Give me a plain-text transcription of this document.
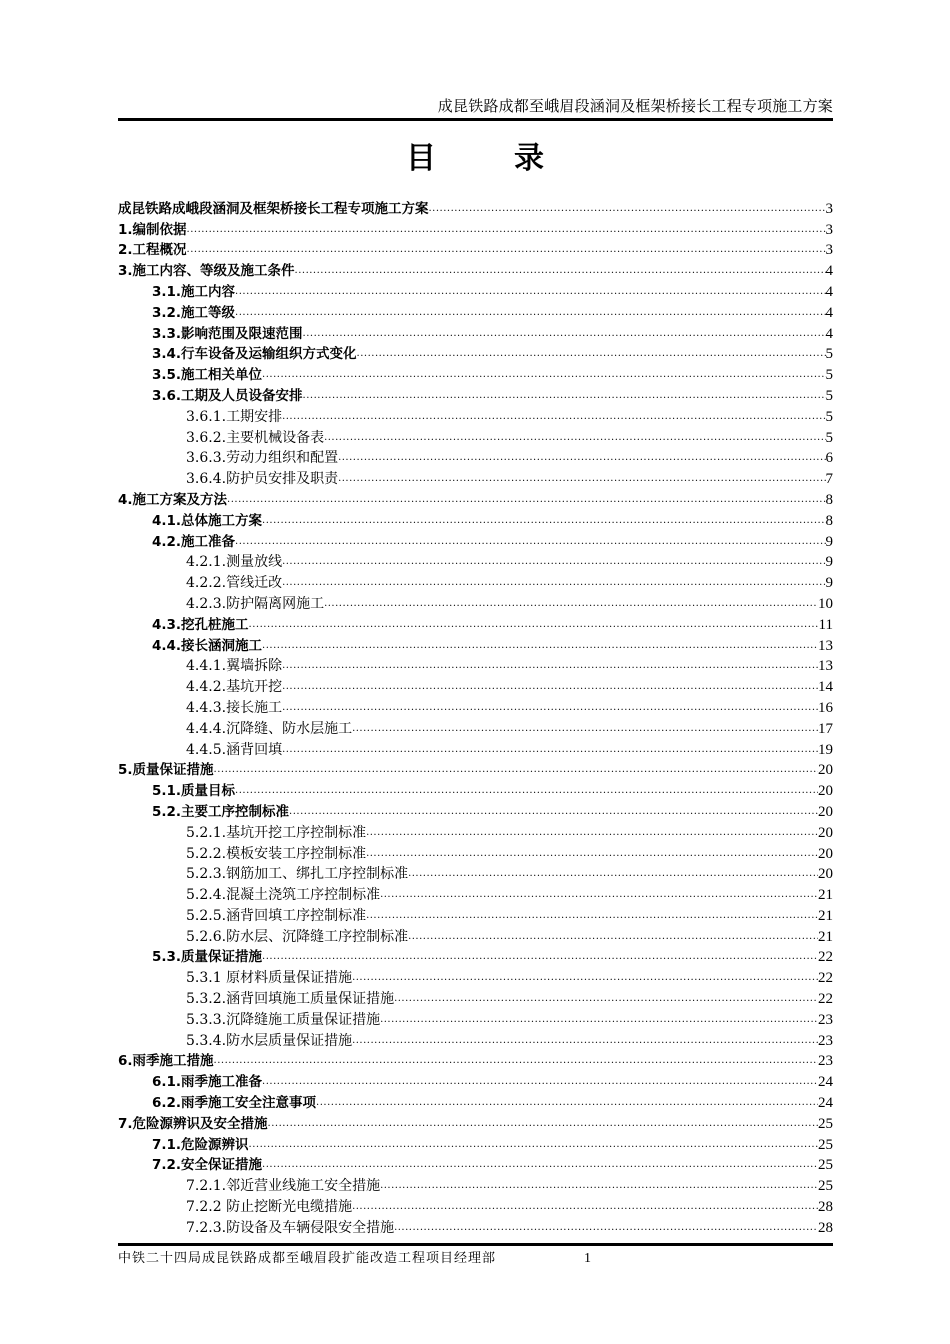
成昆铁路成都至峨眉段涵洞及框架桥接长工程专项施工方案
目　录
成昆铁路成峨段涵洞及框架桥接长工程专项施工方案 .....	3
1.编制依据 .....	3
2.工程概况 .....	3
3.施工内容、等级及施工条件 .....	4
3.1.施工内容 .....	4
3.2.施工等级 .....	4
3.3.影响范围及限速范围 .....	4
3.4.行车设备及运输组织方式变化 .....	5
3.5.施工相关单位 .....	5
3.6.工期及人员设备安排 .....	5
3.6.1.工期安排 .....	5
3.6.2.主要机械设备表 .....	5
3.6.3.劳动力组织和配置 .....	6
3.6.4.防护员安排及职责 .....	7
4.施工方案及方法 .....	8
4.1.总体施工方案 .....	8
4.2.施工准备 .....	9
4.2.1.测量放线 .....	9
4.2.2.管线迁改 .....	9
4.2.3.防护隔离网施工 .....	10
4.3.挖孔桩施工 .....	11
4.4.接长涵洞施工 .....	13
4.4.1.翼墙拆除 .....	13
4.4.2.基坑开挖 .....	14
4.4.3.接长施工 .....	16
4.4.4.沉降缝、防水层施工 .....	17
4.4.5.涵背回填 .....	19
5.质量保证措施 .....	20
5.1.质量目标 .....	20
5.2.主要工序控制标准 .....	20
5.2.1.基坑开挖工序控制标准 .....	20
5.2.2.模板安装工序控制标准 .....	20
5.2.3.钢筋加工、绑扎工序控制标准 .....	20
5.2.4.混凝土浇筑工序控制标准 .....	21
5.2.5.涵背回填工序控制标准 .....	21
5.2.6.防水层、沉降缝工序控制标准 .....	21
5.3.质量保证措施 .....	22
5.3.1 原材料质量保证措施 .....	22
5.3.2.涵背回填施工质量保证措施 .....	22
5.3.3.沉降缝施工质量保证措施 .....	23
5.3.4.防水层质量保证措施 .....	23
6.雨季施工措施 .....	23
6.1.雨季施工准备 .....	24
6.2.雨季施工安全注意事项 .....	24
7.危险源辨识及安全措施 .....	25
7.1.危险源辨识 .....	25
7.2.安全保证措施 .....	25
7.2.1.邻近营业线施工安全措施 .....	25
7.2.2 防止挖断光电缆措施 .....	28
7.2.3.防设备及车辆侵限安全措施 .....	28
中铁二十四局成昆铁路成都至峨眉段扩能改造工程项目经理部	1
